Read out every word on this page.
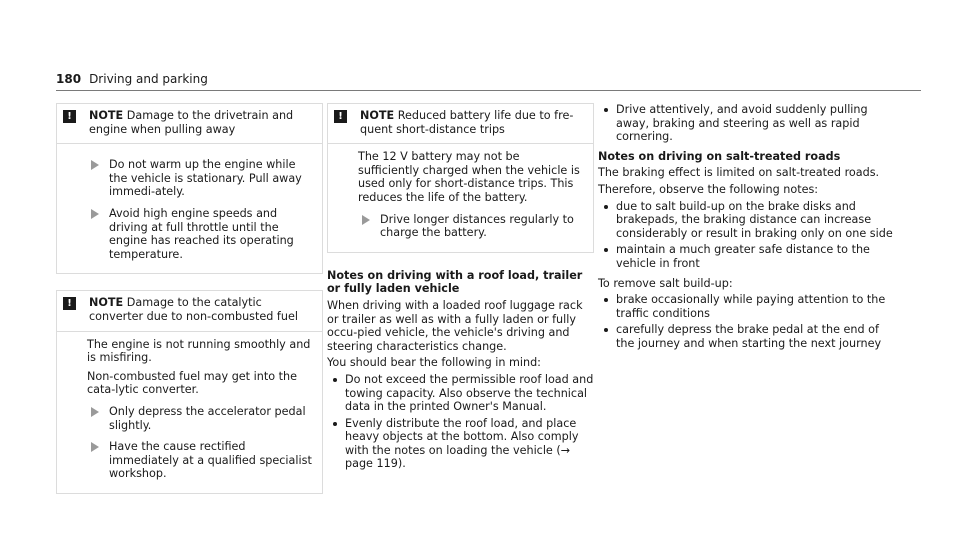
180 Driving and parking
!	NOTE Damage to the drivetrain and engine when pulling away
Do not warm up the engine while the vehicle is stationary. Pull away immedi-ately.
Avoid high engine speeds and driving at full throttle until the engine has reached its operating temperature.
!	NOTE Damage to the catalytic converter due to non-combusted fuel

The engine is not running smoothly and is misfiring.

Non-combusted fuel may get into the cata-lytic converter.

Only depress the accelerator pedal slightly.
Have the cause rectified immediately at a qualified specialist workshop.
!	NOTE Reduced battery life due to fre-quent short-distance trips

The 12 V battery may not be sufficiently charged when the vehicle is used only for short-distance trips. This reduces the life of the battery.

Drive longer distances regularly to charge the battery.

Notes on driving with a roof load, trailer or fully laden vehicle

When driving with a loaded roof luggage rack or trailer as well as with a fully laden or fully occu-pied vehicle, the vehicle's driving and steering characteristics change.

You should bear the following in mind:

Do not exceed the permissible roof load and towing capacity. Also observe the technical data in the printed Owner's Manual.
Evenly distribute the roof load, and place heavy objects at the bottom. Also comply with the notes on loading the vehicle (→ page 119).
Drive attentively, and avoid suddenly pulling away, braking and steering as well as rapid cornering.

Notes on driving on salt-treated roads

The braking effect is limited on salt-treated roads.

Therefore, observe the following notes:

due to salt build-up on the brake disks and brakepads, the braking distance can increase considerably or result in braking only on one side
maintain a much greater safe distance to the vehicle in front

To remove salt build-up:

brake occasionally while paying attention to the traffic conditions
carefully depress the brake pedal at the end of the journey and when starting the next journey
